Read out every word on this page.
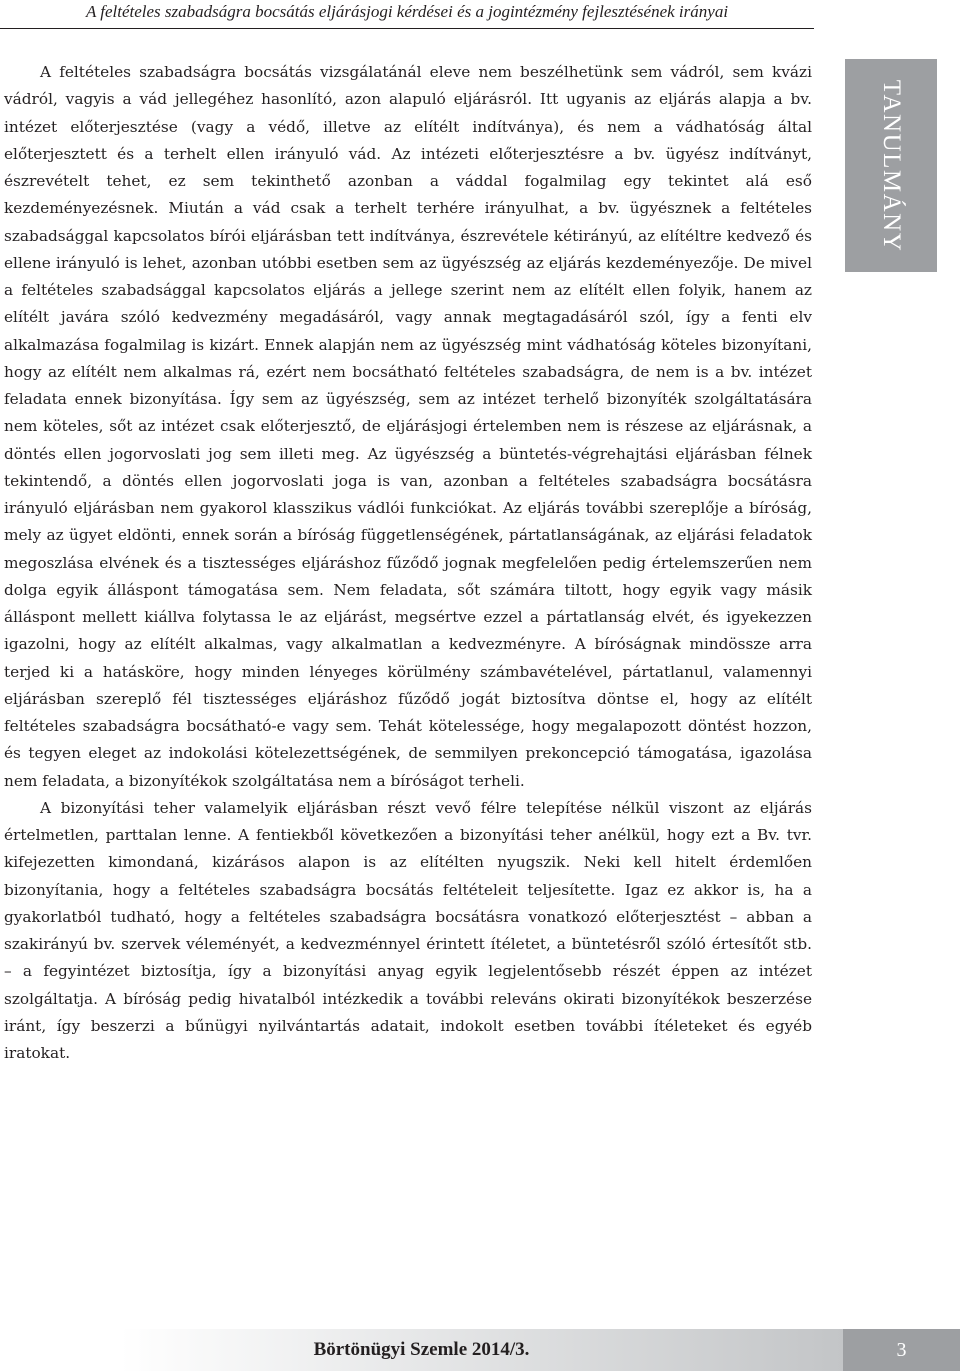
A feltételes szabadságra bocsátás eljárásjogi kérdései és a jogintézmény fejlesztésének irányai
TANULMÁNY

A feltételes szabadságra bocsátás vizsgálatánál eleve nem beszélhetünk sem vádról, sem kvázi vádról, vagyis a vád jellegéhez hasonlító, azon alapuló eljárásról. Itt ugyanis az eljárás alapja a bv. intézet előterjesztése (vagy a védő, illetve az elítélt indítványa), és nem a vádhatóság által előterjesztett és a terhelt ellen irányuló vád. Az intézeti előterjesztésre a bv. ügyész indítványt, észrevételt tehet, ez sem tekinthető azonban a váddal fogalmilag egy tekintet alá eső kezdeményezésnek. Miután a vád csak a terhelt terhére irányulhat, a bv. ügyésznek a feltételes szabadsággal kapcsolatos bírói eljárásban tett indítványa, észrevétele kétirányú, az elítéltre kedvező és ellene irányuló is lehet, azonban utóbbi esetben sem az ügyészség az eljárás kezdeményezője. De mivel a feltételes szabadsággal kapcsolatos eljárás a jellege szerint nem az elítélt ellen folyik, hanem az elítélt javára szóló kedvezmény megadásáról, vagy annak megtagadásáról szól, így a fenti elv alkalmazása fogalmilag is kizárt. Ennek alapján nem az ügyészség mint vádhatóság köteles bizonyítani, hogy az elítélt nem alkalmas rá, ezért nem bocsátható feltételes szabadságra, de nem is a bv. intézet feladata ennek bizonyítása. Így sem az ügyészség, sem az intézet terhelő bizonyíték szolgáltatására nem köteles, sőt az intézet csak előterjesztő, de eljárásjogi értelemben nem is részese az eljárásnak, a döntés ellen jogorvoslati jog sem illeti meg. Az ügyészség a büntetés-végrehajtási eljárásban félnek tekintendő, a döntés ellen jogorvoslati joga is van, azonban a feltételes szabadságra bocsátásra irányuló eljárásban nem gyakorol klasszikus vádlói funkciókat. Az eljárás további szereplője a bíróság, mely az ügyet eldönti, ennek során a bíróság függetlenségének, pártatlanságának, az eljárási feladatok megoszlása elvének és a tisztességes eljáráshoz fűződő jognak megfelelően pedig értelemszerűen nem dolga egyik álláspont támogatása sem. Nem feladata, sőt számára tiltott, hogy egyik vagy másik álláspont mellett kiállva folytassa le az eljárást, megsértve ezzel a pártatlanság elvét, és igyekezzen igazolni, hogy az elítélt alkalmas, vagy alkalmatlan a kedvezményre. A bíróságnak mindössze arra terjed ki a hatásköre, hogy minden lényeges körülmény számbavételével, pártatlanul, valamennyi eljárásban szereplő fél tisztességes eljáráshoz fűződő jogát biztosítva döntse el, hogy az elítélt feltételes szabadságra bocsátható-e vagy sem. Tehát kötelessége, hogy megalapozott döntést hozzon, és tegyen eleget az indokolási kötelezettségének, de semmilyen prekoncepció támogatása, igazolása nem feladata, a bizonyítékok szolgáltatása nem a bíróságot terheli.

A bizonyítási teher valamelyik eljárásban részt vevő félre telepítése nélkül viszont az eljárás értelmetlen, parttalan lenne. A fentiekből következően a bizonyítási teher anélkül, hogy ezt a Bv. tvr. kifejezetten kimondaná, kizárásos alapon is az elítélten nyugszik. Neki kell hitelt érdemlően bizonyítania, hogy a feltételes szabadságra bocsátás feltételeit teljesítette. Igaz ez akkor is, ha a gyakorlatból tudható, hogy a feltételes szabadságra bocsátásra vonatkozó előterjesztést – abban a szakirányú bv. szervek véleményét, a kedvezménnyel érintett ítéletet, a büntetésről szóló értesítőt stb. – a fegyintézet biztosítja, így a bizonyítási anyag egyik legjelentősebb részét éppen az intézet szolgáltatja. A bíróság pedig hivatalból intézkedik a további releváns okirati bizonyítékok beszerzése iránt, így beszerzi a bűnügyi nyilvántartás adatait, indokolt esetben további ítéleteket és egyéb iratokat.

Börtönügyi Szemle 2014/3.	3
